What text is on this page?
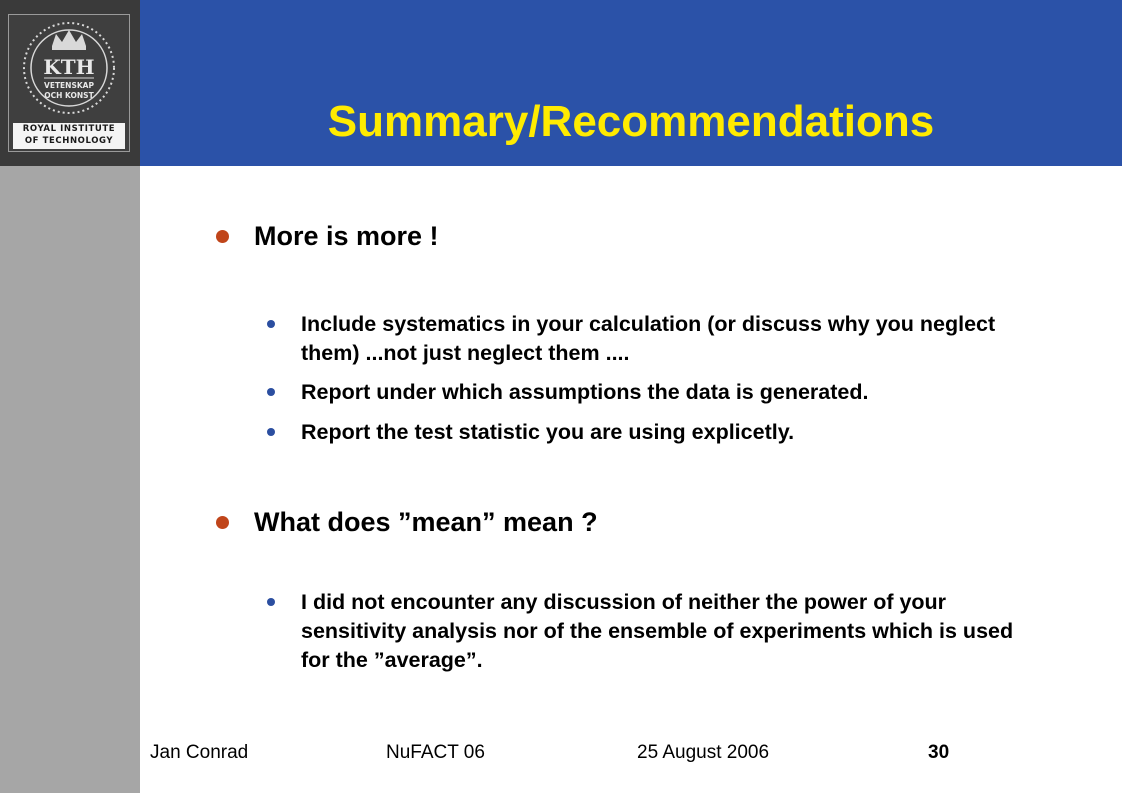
KTH
VETENSKAP
OCH KONST
ROYAL INSTITUTE
OF TECHNOLOGY	Summary/Recommendations
More is more !
Include systematics in your calculation (or discuss why you neglect them) ...not just neglect them ....
Report under which assumptions the data is generated.
Report the test statistic you are using explicetly.
What does ”mean” mean ?
I did not encounter any discussion of neither the power of your sensitivity analysis nor of the ensemble of experiments which is used for the ”average”.
Jan Conrad	NuFACT 06	25 August 2006	30
